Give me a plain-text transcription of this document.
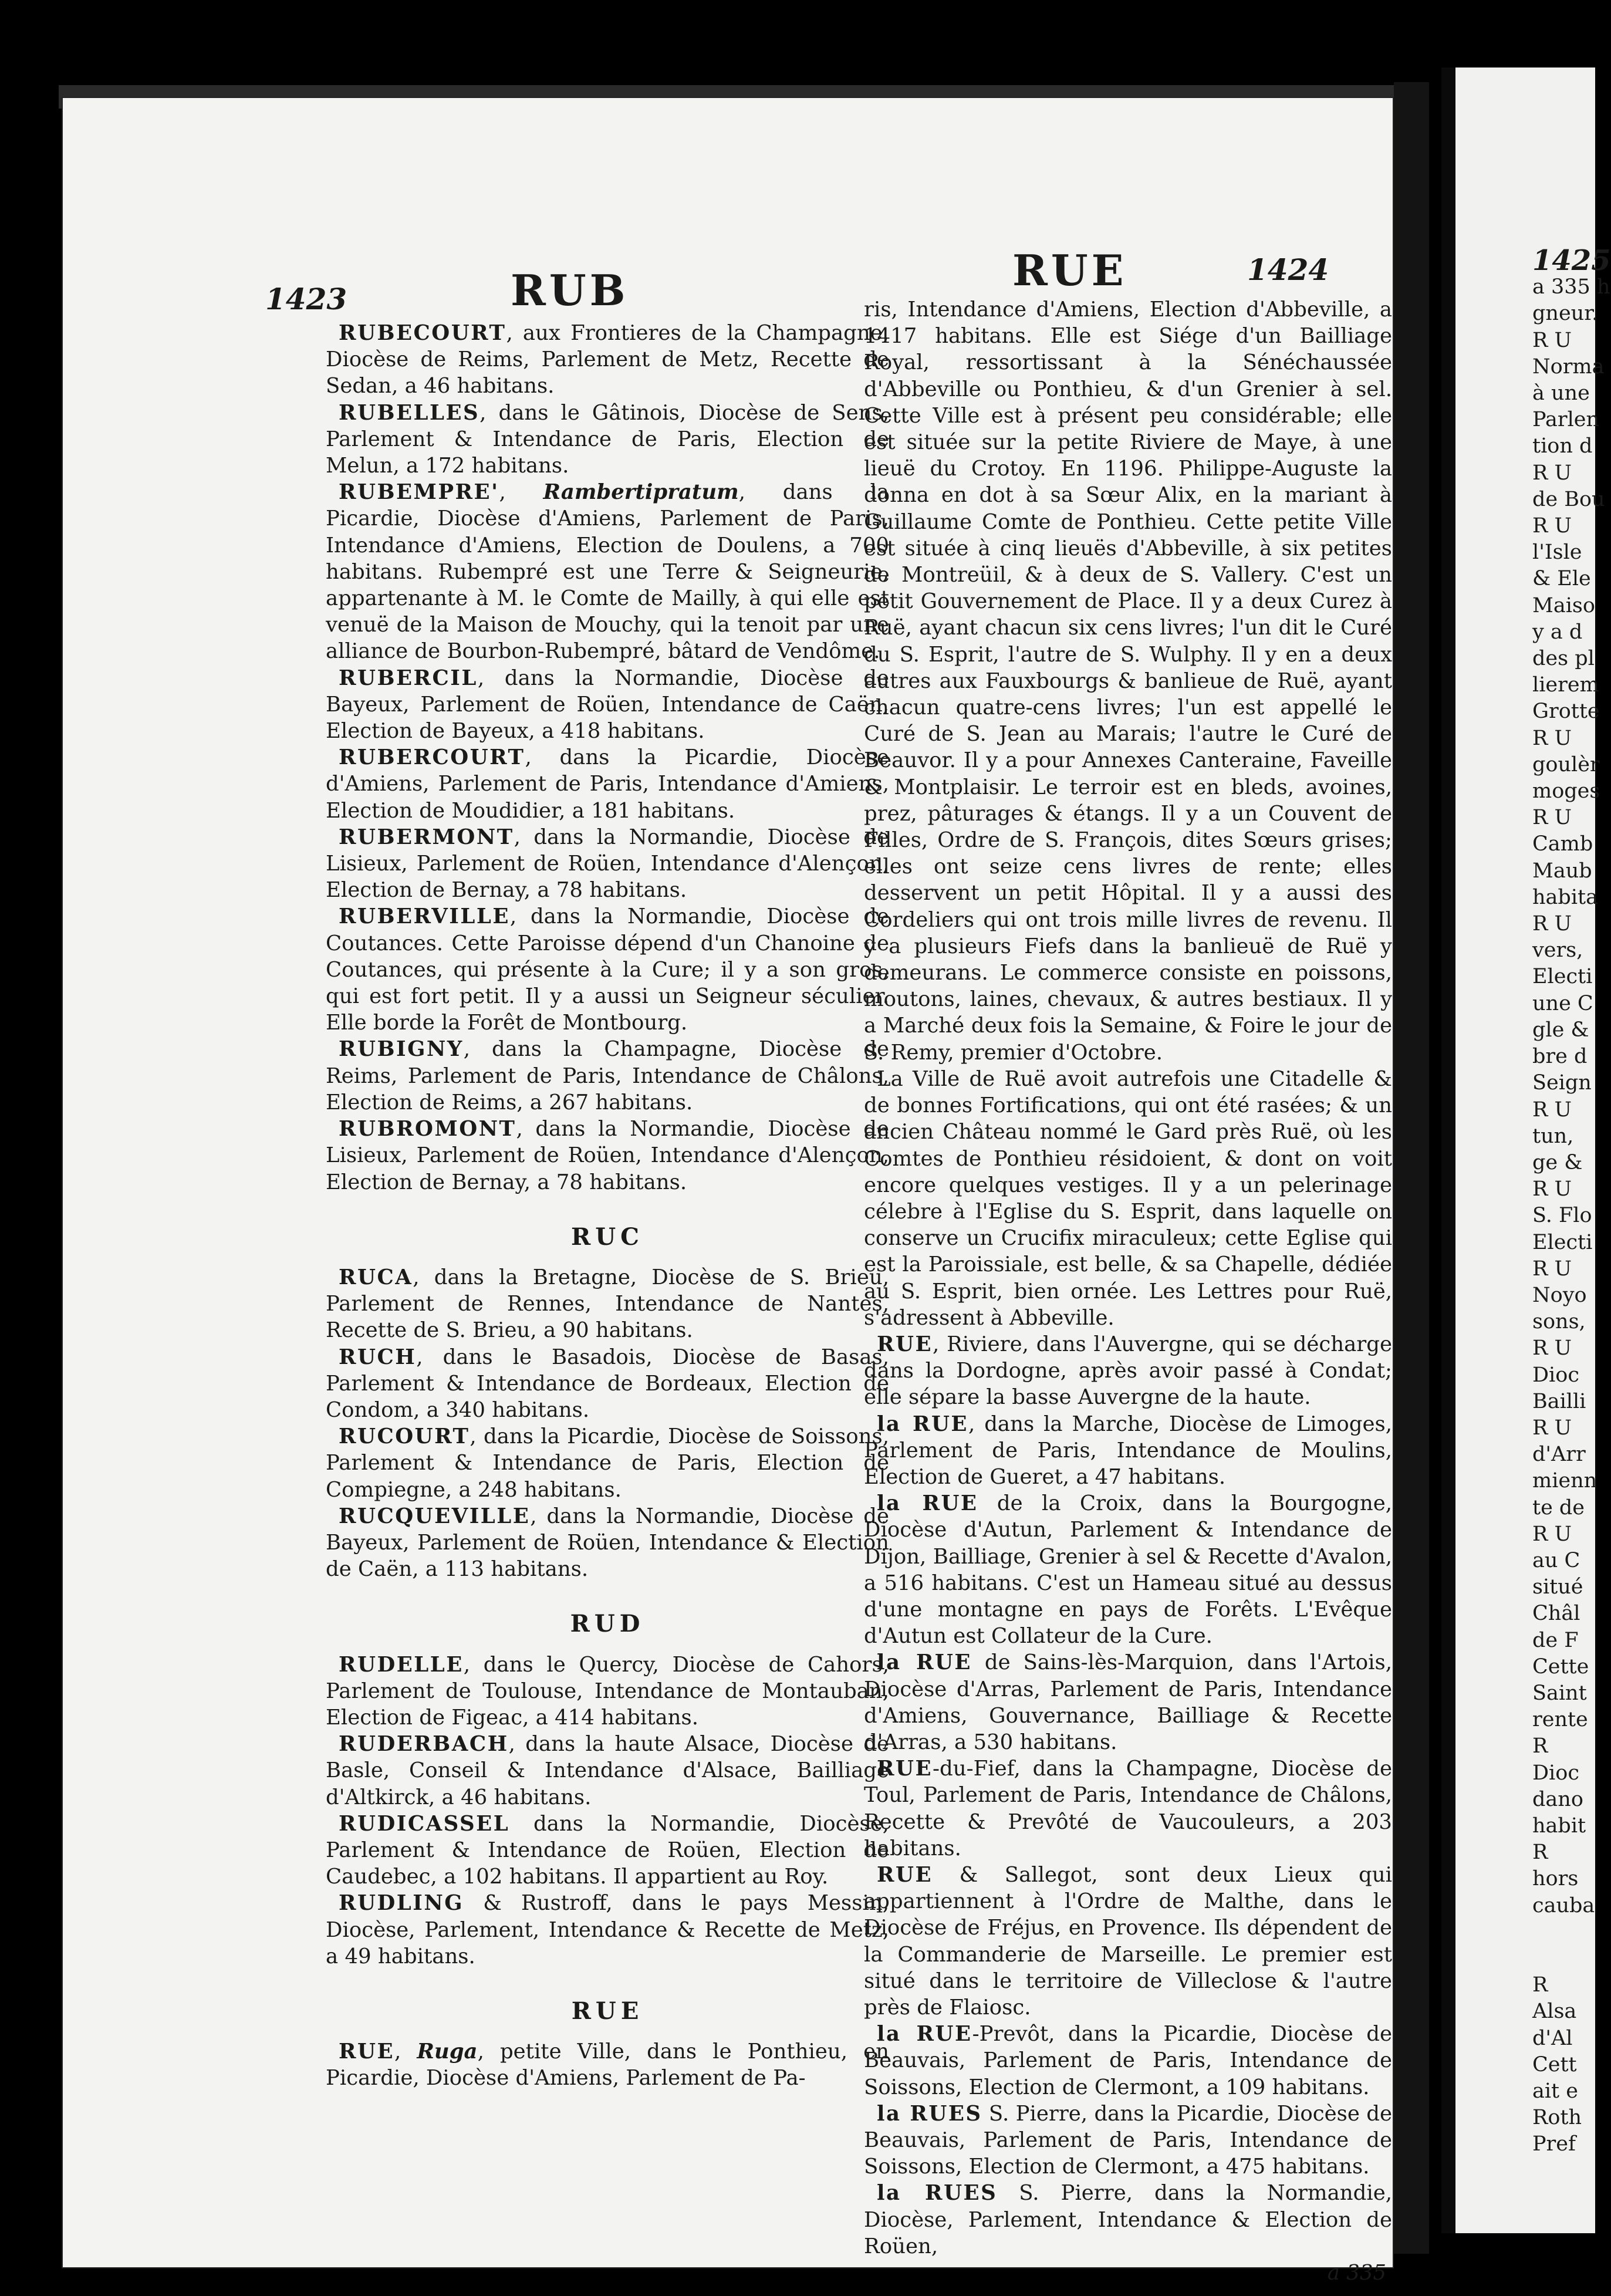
1423	RUB	RUE	1424

RUBECOURT, aux Frontieres de la Champagne, Diocèse de Reims, Parlement de Metz, Recette de Sedan, a 46 habitans.

RUBELLES, dans le Gâtinois, Diocèse de Sens, Parlement & Intendance de Paris, Election de Melun, a 172 habitans.

RUBEMPRE', Rambertipratum, dans la Picardie, Diocèse d'Amiens, Parlement de Paris, Intendance d'Amiens, Election de Doulens, a 700 habitans. Rubempré est une Terre & Seigneurie, appartenante à M. le Comte de Mailly, à qui elle est venuë de la Maison de Mouchy, qui la tenoit par une alliance de Bourbon-Rubempré, bâtard de Vendôme.

RUBERCIL, dans la Normandie, Diocèse de Bayeux, Parlement de Roüen, Intendance de Caën, Election de Bayeux, a 418 habitans.

RUBERCOURT, dans la Picardie, Diocèse d'Amiens, Parlement de Paris, Intendance d'Amiens, Election de Moudidier, a 181 habitans.

RUBERMONT, dans la Normandie, Diocèse de Lisieux, Parlement de Roüen, Intendance d'Alençon, Election de Bernay, a 78 habitans.

RUBERVILLE, dans la Normandie, Diocèse de Coutances. Cette Paroisse dépend d'un Chanoine de Coutances, qui présente à la Cure; il y a son gros, qui est fort petit. Il y a aussi un Seigneur séculier. Elle borde la Forêt de Montbourg.

RUBIGNY, dans la Champagne, Diocèse de Reims, Parlement de Paris, Intendance de Châlons, Election de Reims, a 267 habitans.

RUBROMONT, dans la Normandie, Diocèse de Lisieux, Parlement de Roüen, Intendance d'Alençon, Election de Bernay, a 78 habitans.

RUC

RUCA, dans la Bretagne, Diocèse de S. Brieu, Parlement de Rennes, Intendance de Nantes, Recette de S. Brieu, a 90 habitans.

RUCH, dans le Basadois, Diocèse de Basas, Parlement & Intendance de Bordeaux, Election de Condom, a 340 habitans.

RUCOURT, dans la Picardie, Diocèse de Soissons, Parlement & Intendance de Paris, Election de Compiegne, a 248 habitans.

RUCQUEVILLE, dans la Normandie, Diocèse de Bayeux, Parlement de Roüen, Intendance & Election de Caën, a 113 habitans.

RUD

RUDELLE, dans le Quercy, Diocèse de Cahors, Parlement de Toulouse, Intendance de Montauban, Election de Figeac, a 414 habitans.

RUDERBACH, dans la haute Alsace, Diocèse de Basle, Conseil & Intendance d'Alsace, Bailliage d'Altkirck, a 46 habitans.

RUDICASSEL dans la Normandie, Diocèse, Parlement & Intendance de Roüen, Election de Caudebec, a 102 habitans. Il appartient au Roy.

RUDLING & Rustroff, dans le pays Messin, Diocèse, Parlement, Intendance & Recette de Metz, a 49 habitans.

RUE

RUE, Ruga, petite Ville, dans le Ponthieu, en Picardie, Diocèse d'Amiens, Parlement de Pa-

ris, Intendance d'Amiens, Election d'Abbeville, a 1417 habitans. Elle est Siége d'un Bailliage Royal, ressortissant à la Sénéchaussée d'Abbeville ou Ponthieu, & d'un Grenier à sel. Cette Ville est à présent peu considérable; elle est située sur la petite Riviere de Maye, à une lieuë du Crotoy. En 1196. Philippe-Auguste la donna en dot à sa Sœur Alix, en la mariant à Guillaume Comte de Ponthieu. Cette petite Ville est située à cinq lieuës d'Abbeville, à six petites de Montreüil, & à deux de S. Vallery. C'est un petit Gouvernement de Place. Il y a deux Curez à Ruë, ayant chacun six cens livres; l'un dit le Curé du S. Esprit, l'autre de S. Wulphy. Il y en a deux autres aux Fauxbourgs & banlieue de Ruë, ayant chacun quatre-cens livres; l'un est appellé le Curé de S. Jean au Marais; l'autre le Curé de Beauvor. Il y a pour Annexes Canteraine, Faveille & Montplaisir. Le terroir est en bleds, avoines, prez, pâturages & étangs. Il y a un Couvent de Filles, Ordre de S. François, dites Sœurs grises; elles ont seize cens livres de rente; elles desservent un petit Hôpital. Il y a aussi des Cordeliers qui ont trois mille livres de revenu. Il y a plusieurs Fiefs dans la banlieuë de Ruë y demeurans. Le commerce consiste en poissons, moutons, laines, chevaux, & autres bestiaux. Il y a Marché deux fois la Semaine, & Foire le jour de S. Remy, premier d'Octobre.

La Ville de Ruë avoit autrefois une Citadelle & de bonnes Fortifications, qui ont été rasées; & un ancien Château nommé le Gard près Ruë, où les Comtes de Ponthieu résidoient, & dont on voit encore quelques vestiges. Il y a un pelerinage célebre à l'Eglise du S. Esprit, dans laquelle on conserve un Crucifix miraculeux; cette Eglise qui est la Paroissiale, est belle, & sa Chapelle, dédiée au S. Esprit, bien ornée. Les Lettres pour Ruë, s'adressent à Abbeville.

RUE, Riviere, dans l'Auvergne, qui se décharge dans la Dordogne, après avoir passé à Condat; elle sépare la basse Auvergne de la haute.

la RUE, dans la Marche, Diocèse de Limoges, Parlement de Paris, Intendance de Moulins, Election de Gueret, a 47 habitans.

la RUE de la Croix, dans la Bourgogne, Diocèse d'Autun, Parlement & Intendance de Dijon, Bailliage, Grenier à sel & Recette d'Avalon, a 516 habitans. C'est un Hameau situé au dessus d'une montagne en pays de Forêts. L'Evêque d'Autun est Collateur de la Cure.

la RUE de Sains-lès-Marquion, dans l'Artois, Diocèse d'Arras, Parlement de Paris, Intendance d'Amiens, Gouvernance, Bailliage & Recette d'Arras, a 530 habitans.

RUE-du-Fief, dans la Champagne, Diocèse de Toul, Parlement de Paris, Intendance de Châlons, Recette & Prevôté de Vaucouleurs, a 203 habitans.

RUE & Sallegot, sont deux Lieux qui appartiennent à l'Ordre de Malthe, dans le Diocèse de Fréjus, en Provence. Ils dépendent de la Commanderie de Marseille. Le premier est situé dans le territoire de Villeclose & l'autre près de Flaiosc.

la RUE-Prevôt, dans la Picardie, Diocèse de Beauvais, Parlement de Paris, Intendance de Soissons, Election de Clermont, a 109 habitans.

la RUES S. Pierre, dans la Picardie, Diocèse de Beauvais, Parlement de Paris, Intendance de Soissons, Election de Clermont, a 475 habitans.

la RUES S. Pierre, dans la Normandie, Diocèse, Parlement, Intendance & Election de Roüen,

a 335
1425
a 335 h
gneur.
R U
Norma
à une
Parlen
tion d
R U
de Bou
R U
l'Isle
& Ele
Maiso
y a d
des pl
lierem
Grotte
R U
goulèr
moges
R U
Camb
Maub
habita
R U
vers,
Electi
une C
gle &
bre d
Seign
R U
tun,
ge &
R U
S. Flo
Electi
R U
Noyo
sons,
R U
Dioc
Bailli
R U
d'Arr
mienn
te de
R U
au C
situé
Châl
de F
Cette
Saint
rente
R
Dioc
dano
habit
R
hors
cauba

R
Alsa
d'Al
Cett
ait e
Roth
Pref
